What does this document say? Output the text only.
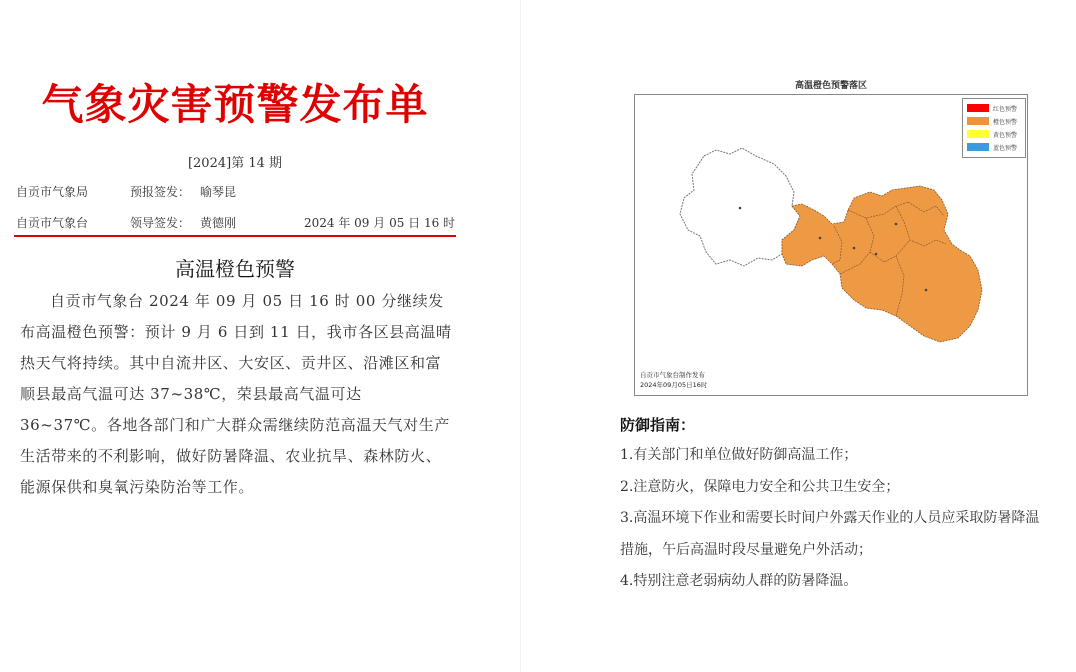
气象灾害预警发布单
[2024]第 14 期
自贡市气象局	预报签发： 喻琴昆
自贡市气象台	领导签发： 黄德刚	2024 年 09 月 05 日 16 时
高温橙色预警
自贡市气象台 2024 年 09 月 05 日 16 时 00 分继续发布高温橙色预警：预计 9 月 6 日到 11 日，我市各区县高温晴热天气将持续。其中自流井区、大安区、贡井区、沿滩区和富顺县最高气温可达 37~38℃，荣县最高气温可达 36~37℃。各地各部门和广大群众需继续防范高温天气对生产生活带来的不利影响，做好防暑降温、农业抗旱、森林防火、能源保供和臭氧污染防治等工作。
高温橙色预警落区
红色预警
橙色预警
黄色预警
蓝色预警
自贡市气象台制作发布
2024年09月05日16时
防御指南：
1.有关部门和单位做好防御高温工作；
2.注意防火，保障电力安全和公共卫生安全；
3.高温环境下作业和需要长时间户外露天作业的人员应采取防暑降温措施，午后高温时段尽量避免户外活动；
4.特别注意老弱病幼人群的防暑降温。
